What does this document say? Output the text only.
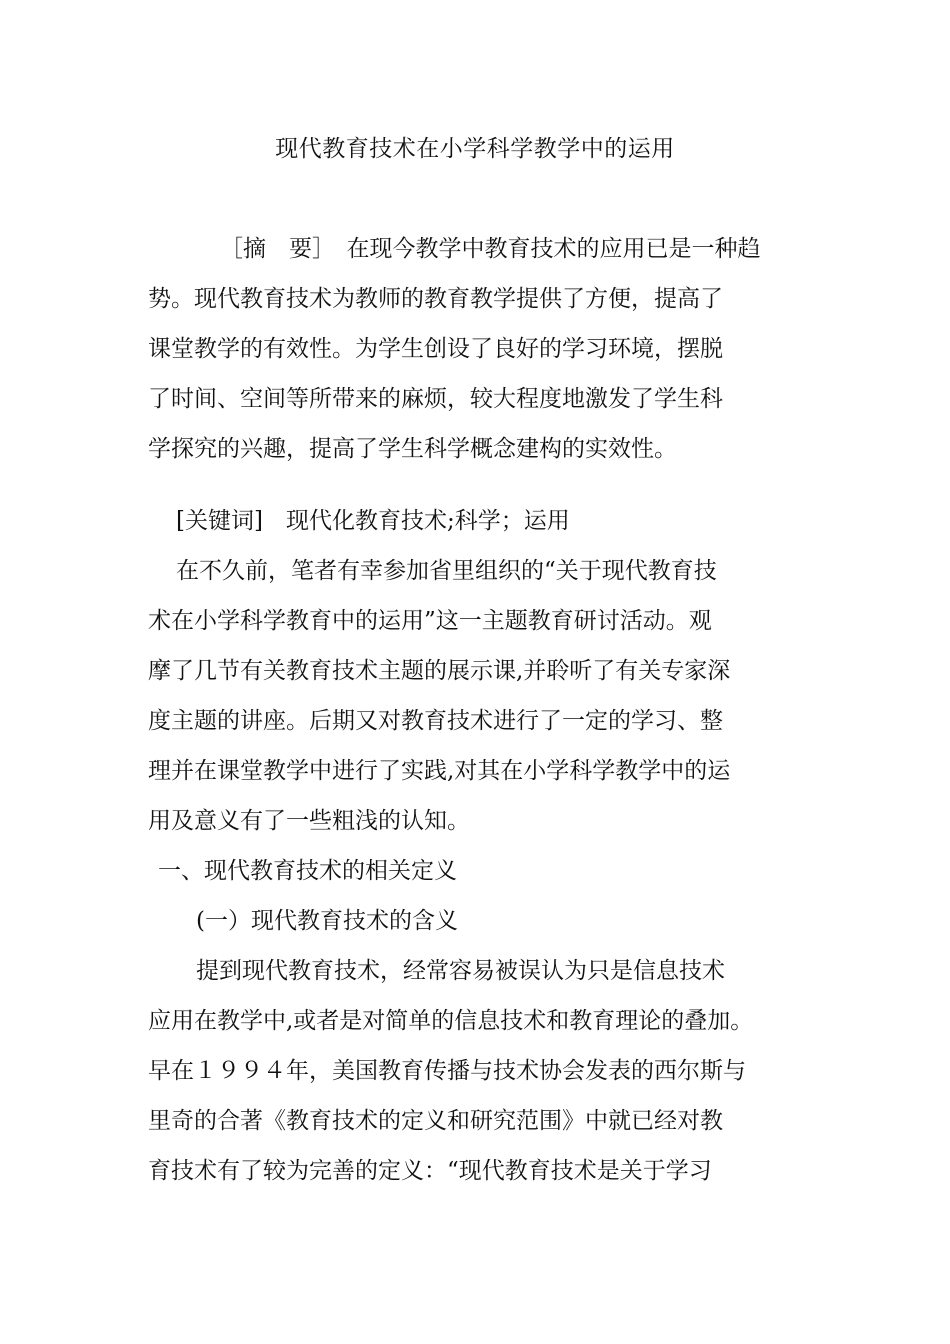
现代教育技术在小学科学教学中的运用
［摘　要］　在现今教学中教育技术的应用已是一种趋
势。现代教育技术为教师的教育教学提供了方便，提高了
课堂教学的有效性。为学生创设了良好的学习环境，摆脱
了时间、空间等所带来的麻烦，较大程度地激发了学生科
学探究的兴趣，提高了学生科学概念建构的实效性。
[关键词]　现代化教育技术;科学；运用
在不久前，笔者有幸参加省里组织的“关于现代教育技
术在小学科学教育中的运用”这一主题教育研讨活动。观
摩了几节有关教育技术主题的展示课,并聆听了有关专家深
度主题的讲座。后期又对教育技术进行了一定的学习、整
理并在课堂教学中进行了实践,对其在小学科学教学中的运
用及意义有了一些粗浅的认知。
一、现代教育技术的相关定义
(一）现代教育技术的含义
提到现代教育技术，经常容易被误认为只是信息技术
应用在教学中,或者是对简单的信息技术和教育理论的叠加。
早在１９９４年，美国教育传播与技术协会发表的西尔斯与
里奇的合著《教育技术的定义和研究范围》中就已经对教
育技术有了较为完善的定义：“现代教育技术是关于学习
